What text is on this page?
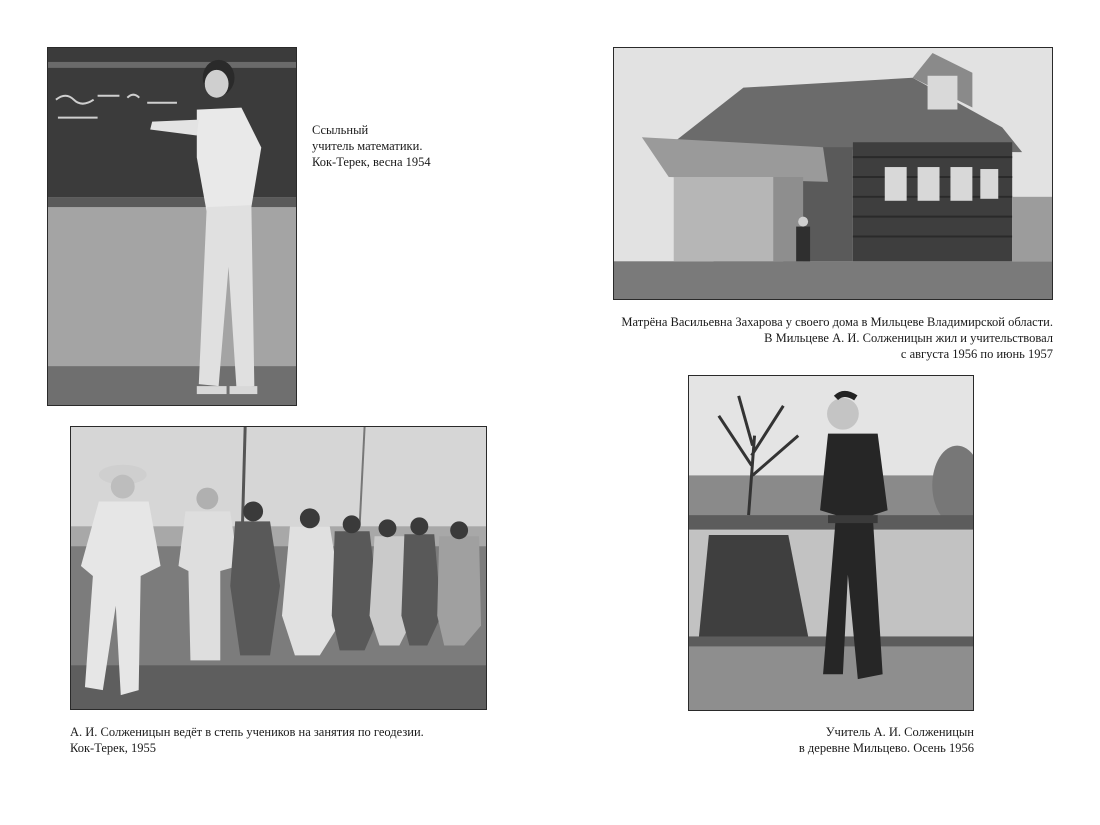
Ссыльный
учитель математики.
Кок-Терек, весна 1954
Матрёна Васильевна Захарова у своего дома в Мильцеве Владимирской области.
В Мильцеве А. И. Солженицын жил и учительствовал
с августа 1956 по июнь 1957
А. И. Солженицын ведёт в степь учеников на занятия по геодезии.
Кок-Терек, 1955
Учитель А. И. Солженицын
в деревне Мильцево. Осень 1956
